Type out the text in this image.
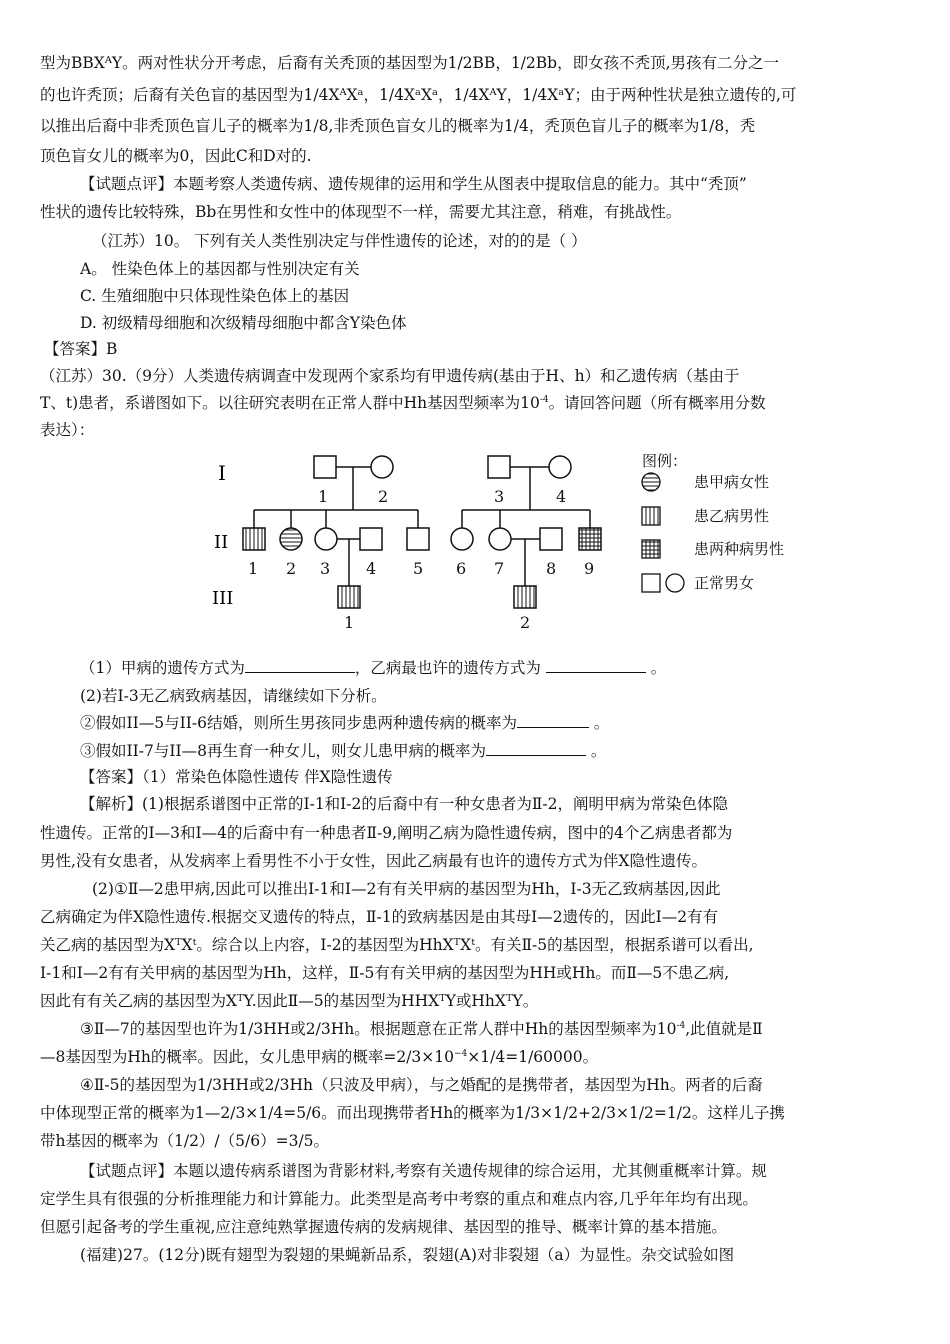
型为BBXᴬY。两对性状分开考虑，后裔有关秃顶的基因型为1/2BB，1/2Bb，即女孩不秃顶,男孩有二分之一
的也许秃顶；后裔有关色盲的基因型为1/4XᴬXᵃ，1/4XᵃXᵃ，1/4XᴬY，1/4XᵃY；由于两种性状是独立遗传的,可
以推出后裔中非秃顶色盲儿子的概率为1/8,非秃顶色盲女儿的概率为1/4，秃顶色盲儿子的概率为1/8，秃
顶色盲女儿的概率为0，因此C和D对的.
【试题点评】本题考察人类遗传病、遗传规律的运用和学生从图表中提取信息的能力。其中“秃顶”
性状的遗传比较特殊，Bb在男性和女性中的体现型不一样，需要尤其注意，稍难，有挑战性。
（江苏）10。 下列有关人类性别决定与伴性遗传的论述，对的的是（ ）
A。 性染色体上的基因都与性别决定有关
C. 生殖细胞中只体现性染色体上的基因
D. 初级精母细胞和次级精母细胞中都含Y染色体
【答案】B
（江苏）30.（9分）人类遗传病调查中发现两个家系均有甲遗传病(基由于H、h）和乙遗传病（基由于
T、t)患者，系谱图如下。以往研究表明在正常人群中Hh基因型频率为$10^{-4}$。请回答问题（所有概率用分数
表达）：
I
II
III
1	2
1 2 3 4 5
1
3	4
6 7	8 9
2
图例：
患甲病女性
患乙病男性
患两种病男性
正常男女
（1）甲病的遗传方式为	，乙病最也许的遗传方式为	。
(2)若Ⅰ-3无乙病致病基因，请继续如下分析。
②假如II—5与II-6结婚，则所生男孩同步患两种遗传病的概率为	。
③假如II-7与II—8再生育一种女儿，则女儿患甲病的概率为	。
【答案】（1）常染色体隐性遗传 伴X隐性遗传
【解析】(1)根据系谱图中正常的Ⅰ-1和Ⅰ-2的后裔中有一种女患者为Ⅱ-2，阐明甲病为常染色体隐
性遗传。正常的Ⅰ—3和Ⅰ—4的后裔中有一种患者Ⅱ-9,阐明乙病为隐性遗传病，图中的4个乙病患者都为
男性,没有女患者，从发病率上看男性不小于女性，因此乙病最有也许的遗传方式为伴X隐性遗传。
(2)①Ⅱ—2患甲病,因此可以推出Ⅰ-1和Ⅰ—2有有关甲病的基因型为Hh，Ⅰ-3无乙致病基因,因此
乙病确定为伴X隐性遗传.根据交叉遗传的特点，Ⅱ-1的致病基因是由其母Ⅰ—2遗传的，因此Ⅰ—2有有
关乙病的基因型为XᵀXᵗ。综合以上内容，Ⅰ-2的基因型为HhXᵀXᵗ。有关Ⅱ-5的基因型，根据系谱可以看出,
Ⅰ-1和Ⅰ—2有有关甲病的基因型为Hh，这样，Ⅱ-5有有关甲病的基因型为HH或Hh。而Ⅱ—5不患乙病,
因此有有关乙病的基因型为XᵀY.因此Ⅱ—5的基因型为HHXᵀY或HhXᵀY。
③Ⅱ—7的基因型也许为1/3HH或2/3Hh。根据题意在正常人群中Hh的基因型频率为$10^{-4}$,此值就是Ⅱ
—8基因型为Hh的概率。因此，女儿患甲病的概率$=2/3\times 10^{-4}\times 1/4=1/60000$。
④Ⅱ-5的基因型为1/3HH或2/3Hh（只波及甲病），与之婚配的是携带者，基因型为Hh。两者的后裔
中体现型正常的概率为1—2/3×1/4=5/6。而出现携带者Hh的概率为1/3×1/2+2/3×1/2=1/2。这样儿子携
带h基因的概率为（1/2）/（5/6）=3/5。
【试题点评】本题以遗传病系谱图为背影材料,考察有关遗传规律的综合运用，尤其侧重概率计算。规
定学生具有很强的分析推理能力和计算能力。此类型是高考中考察的重点和难点内容,几乎年年均有出现。
但愿引起备考的学生重视,应注意纯熟掌握遗传病的发病规律、基因型的推导、概率计算的基本措施。
(福建)27。(12分)既有翅型为裂翅的果蝇新品系，裂翅(A)对非裂翅（a）为显性。杂交试验如图
